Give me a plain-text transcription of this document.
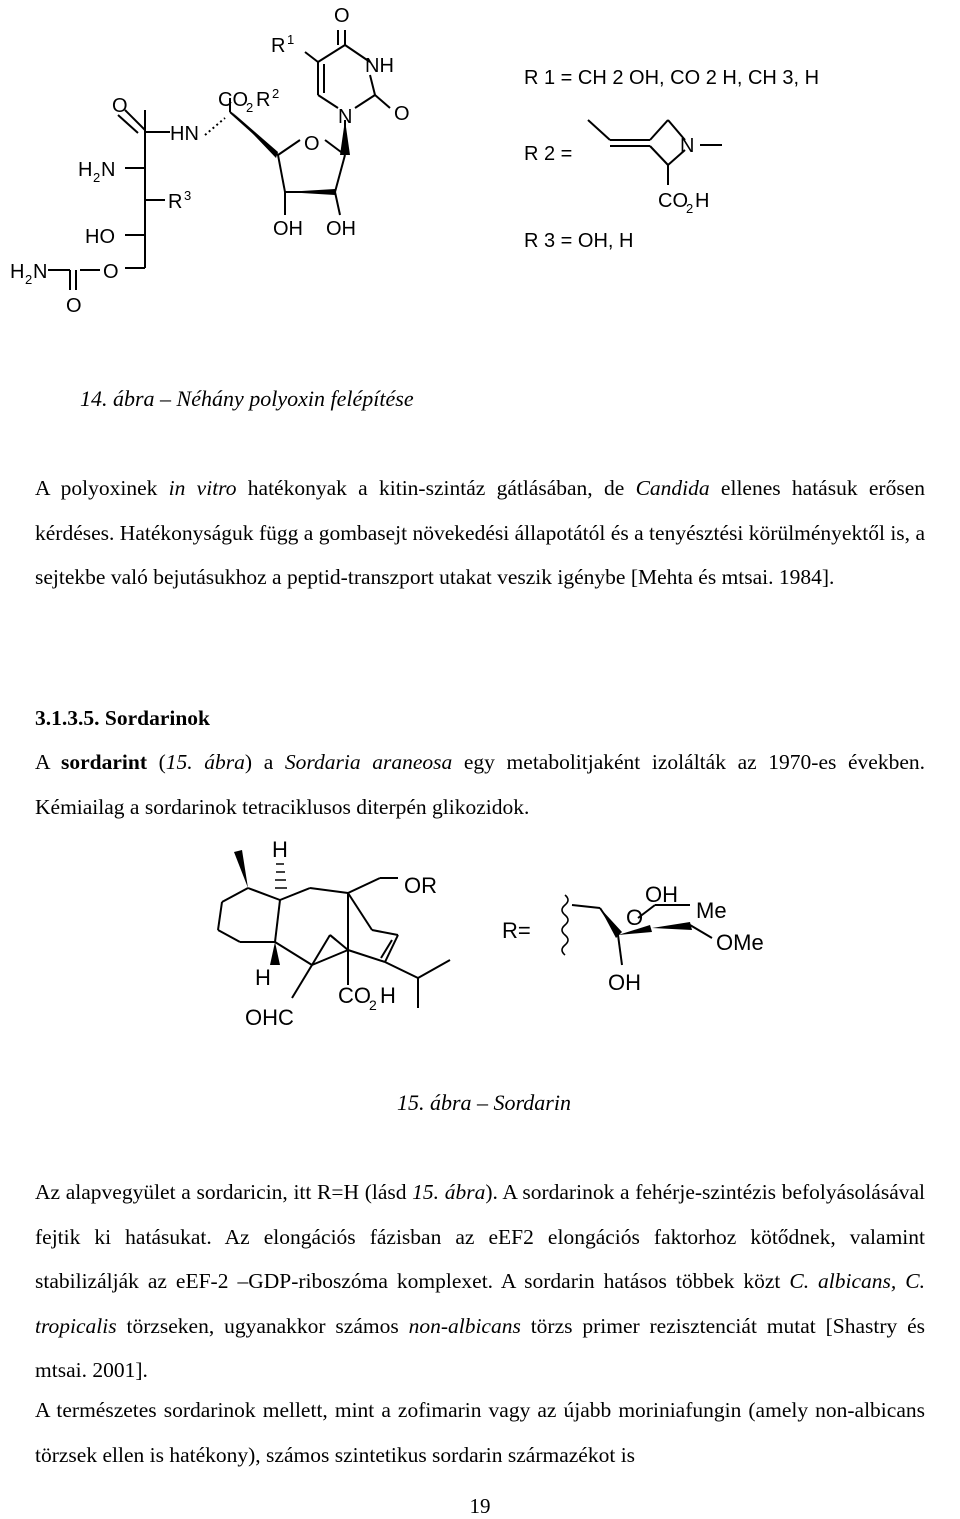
O
NH
N O
R 1
CO
2 R 2
O
OH OH
HN
O
H 2 N
R 3
HO
H 2 N	O
O
N
CO
2 H
R 1 = CH 2 OH, CO 2 H, CH 3, H
R 2 =
R 3 = OH, H
14. ábra – Néhány polyoxin felépítése

A polyoxinek in vitro hatékonyak a kitin-szintáz gátlásában, de Candida ellenes hatásuk erősen kérdéses. Hatékonyságuk függ a gombasejt növekedési állapotától és a tenyésztési körülményektől is, a sejtekbe való bejutásukhoz a peptid-transzport utakat veszik igénybe [Mehta és mtsai. 1984].

3.1.3.5. Sordarinok

A sordarint (15. ábra) a Sordaria araneosa egy metabolitjaként izolálták az 1970-es években. Kémiailag a sordarinok tetraciklusos diterpén glikozidok.

H
OR
H
OHC
CO
2 H
R=
O
OH
Me
OMe
OH
15. ábra – Sordarin

Az alapvegyület a sordaricin, itt R=H (lásd 15. ábra). A sordarinok a fehérje-szintézis befolyásolásával fejtik ki hatásukat. Az elongációs fázisban az eEF2 elongációs faktorhoz kötődnek, valamint stabilizálják az eEF-2 –GDP-riboszóma komplexet. A sordarin hatásos többek közt C. albicans, C. tropicalis törzseken, ugyanakkor számos non-albicans törzs primer rezisztenciát mutat [Shastry és mtsai. 2001].

A természetes sordarinok mellett, mint a zofimarin vagy az újabb moriniafungin (amely non-albicans törzsek ellen is hatékony), számos szintetikus sordarin származékot is

19
